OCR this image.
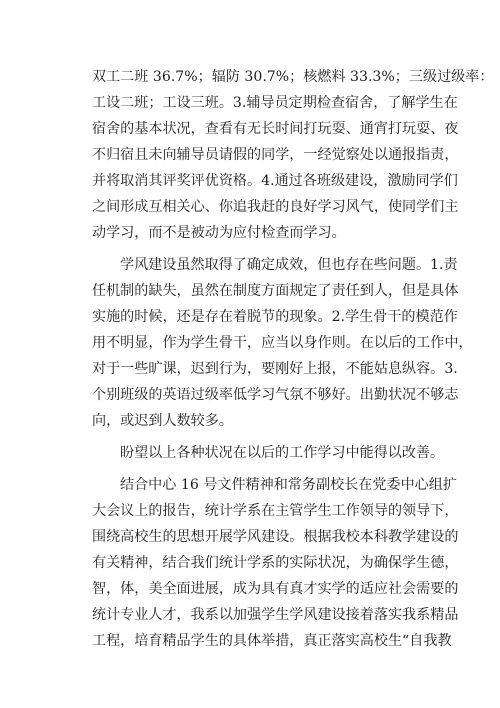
双工二班 36.7%；辐防 30.7%；核燃料 33.3%；三级过级率：
工设二班；工设三班。3.辅导员定期检查宿舍，了解学生在
宿舍的基本状况，查看有无长时间打玩耍、通宵打玩耍、夜
不归宿且未向辅导员请假的同学，一经觉察处以通报指责，
并将取消其评奖评优资格。4.通过各班级建设，激励同学们
之间形成互相关心、你追我赶的良好学习风气，使同学们主
动学习，而不是被动为应付检查而学习。
学风建设虽然取得了确定成效，但也存在些问题。1.责
任机制的缺失，虽然在制度方面规定了责任到人，但是具体
实施的时候，还是存在着脱节的现象。2.学生骨干的模范作
用不明显，作为学生骨干，应当以身作则。在以后的工作中，
对于一些旷课，迟到行为，要刚好上报，不能姑息纵容。3.
个别班级的英语过级率低学习气氛不够好。出勤状况不够志
向，或迟到人数较多。
盼望以上各种状况在以后的工作学习中能得以改善。
结合中心 16 号文件精神和常务副校长在党委中心组扩
大会议上的报告，统计学系在主管学生工作领导的领导下，
围绕高校生的思想开展学风建设。根据我校本科教学建设的
有关精神，结合我们统计学系的实际状况，为确保学生德，
智，体，美全面进展，成为具有真才实学的适应社会需要的
统计专业人才，我系以加强学生学风建设接着落实我系精品
工程，培育精品学生的具体举措，真正落实高校生“自我教
